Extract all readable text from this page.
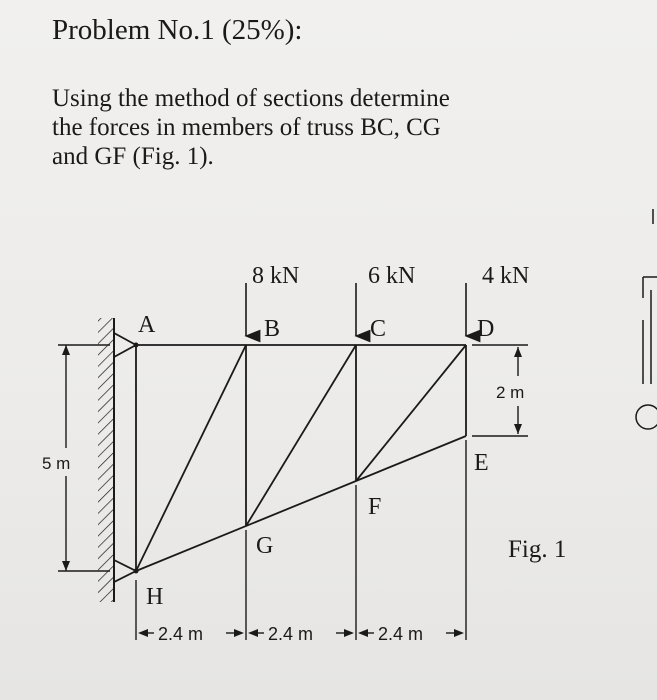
Problem No.1 (25%):
Using the method of sections determine
the forces in members of truss BC, CG
and GF (Fig. 1).
8 kN	6 kN	4 kN
A	B	C	D
E
F
G
H
5 m
2 m
2.4 m	2.4 m	2.4 m
Fig. 1
